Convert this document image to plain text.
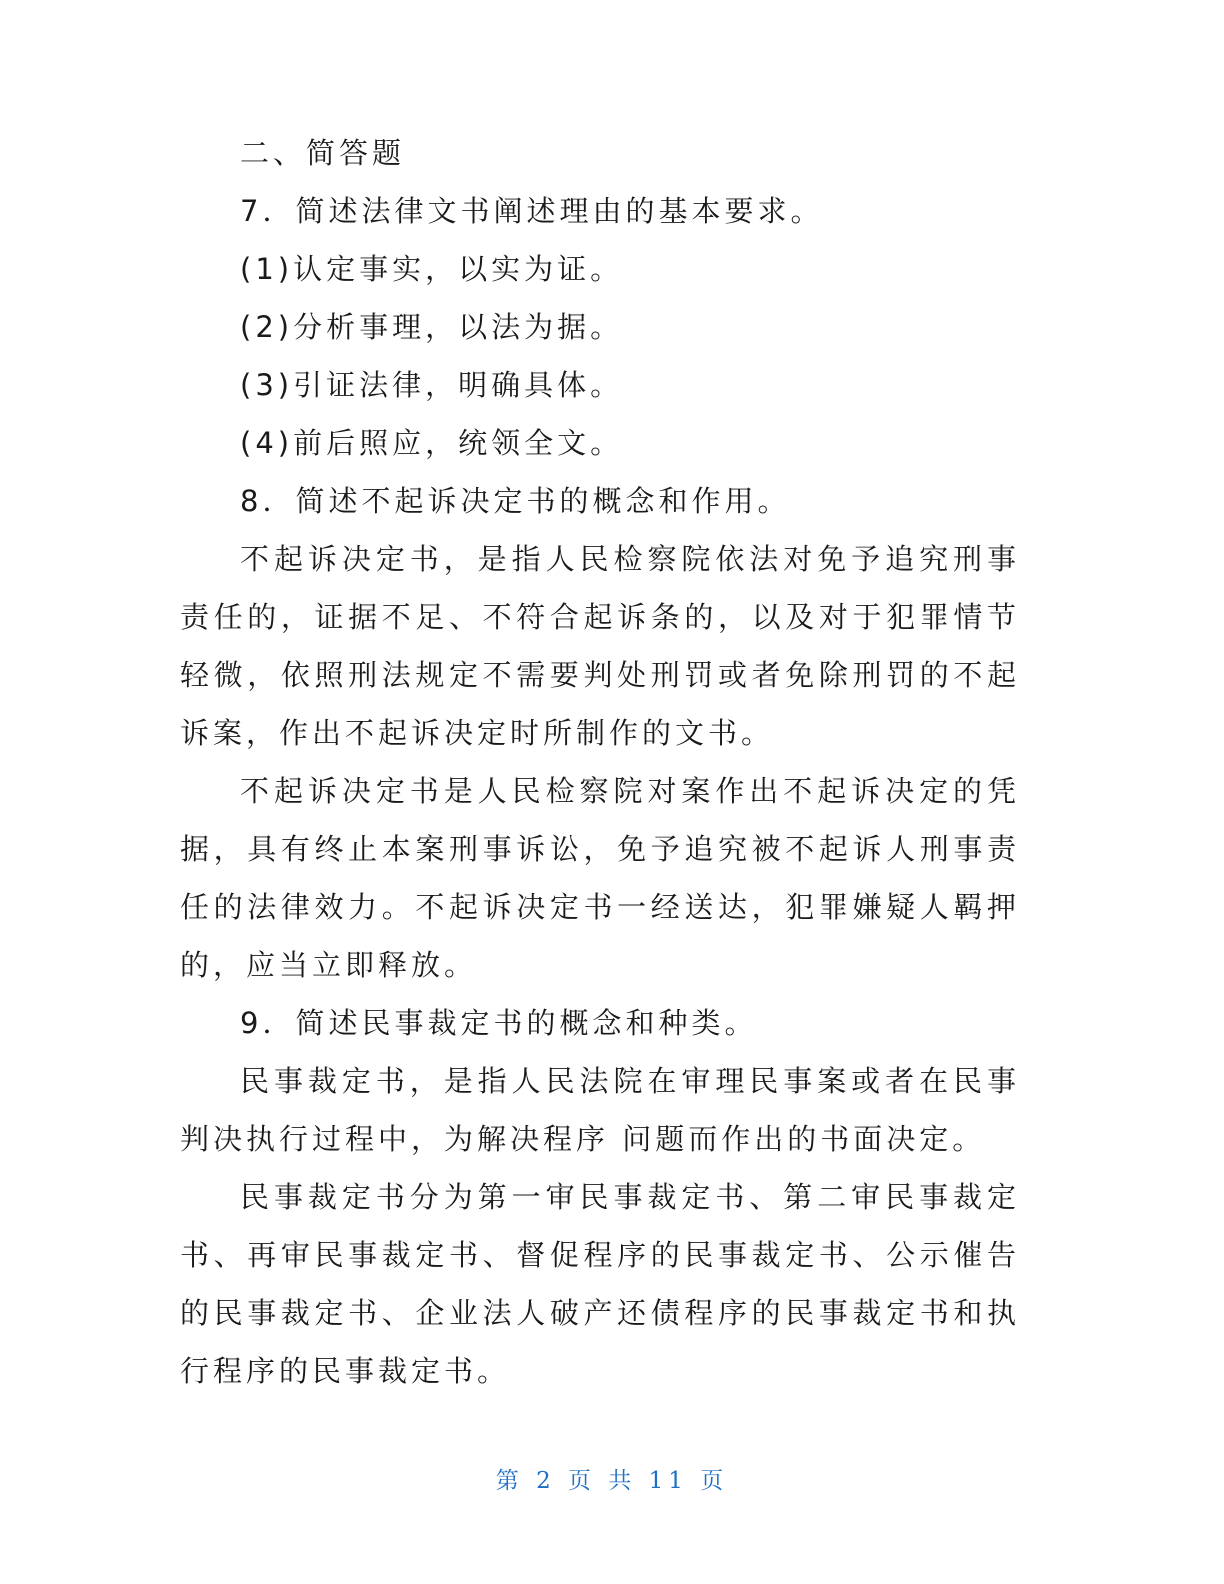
二、简答题

7．简述法律文书阐述理由的基本要求。

(1)认定事实，以实为证。

(2)分析事理，以法为据。

(3)引证法律，明确具体。

(4)前后照应，统领全文。

8．简述不起诉决定书的概念和作用。

不起诉决定书，是指人民检察院依法对免予追究刑事责任的，证据不足、不符合起诉条的，以及对于犯罪情节轻微，依照刑法规定不需要判处刑罚或者免除刑罚的不起诉案，作出不起诉决定时所制作的文书。

不起诉决定书是人民检察院对案作出不起诉决定的凭据，具有终止本案刑事诉讼，免予追究被不起诉人刑事责任的法律效力。不起诉决定书一经送达，犯罪嫌疑人羁押的，应当立即释放。

9．简述民事裁定书的概念和种类。

民事裁定书，是指人民法院在审理民事案或者在民事判决执行过程中，为解决程序 问题而作出的书面决定。

民事裁定书分为第一审民事裁定书、第二审民事裁定书、再审民事裁定书、督促程序的民事裁定书、公示催告的民事裁定书、企业法人破产还债程序的民事裁定书和执行程序的民事裁定书。

第 2 页 共 11 页
